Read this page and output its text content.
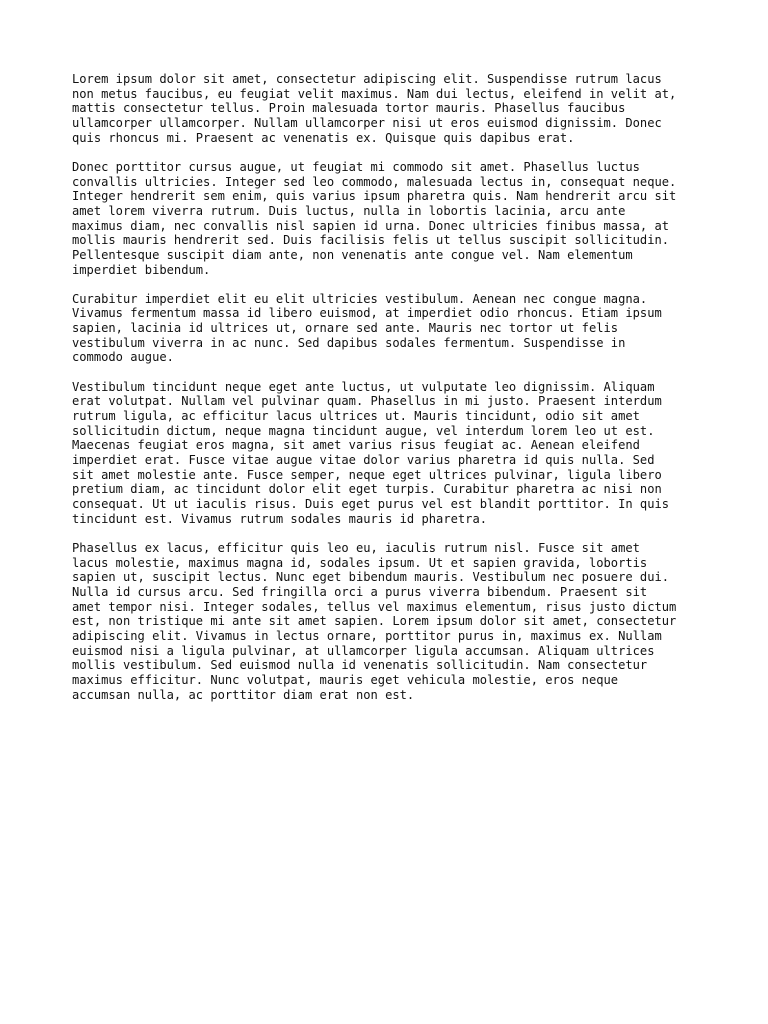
Lorem ipsum dolor sit amet, consectetur adipiscing elit. Suspendisse rutrum lacus
non metus faucibus, eu feugiat velit maximus. Nam dui lectus, eleifend in velit at,
mattis consectetur tellus. Proin malesuada tortor mauris. Phasellus faucibus
ullamcorper ullamcorper. Nullam ullamcorper nisi ut eros euismod dignissim. Donec
quis rhoncus mi. Praesent ac venenatis ex. Quisque quis dapibus erat.

Donec porttitor cursus augue, ut feugiat mi commodo sit amet. Phasellus luctus
convallis ultricies. Integer sed leo commodo, malesuada lectus in, consequat neque.
Integer hendrerit sem enim, quis varius ipsum pharetra quis. Nam hendrerit arcu sit
amet lorem viverra rutrum. Duis luctus, nulla in lobortis lacinia, arcu ante
maximus diam, nec convallis nisl sapien id urna. Donec ultricies finibus massa, at
mollis mauris hendrerit sed. Duis facilisis felis ut tellus suscipit sollicitudin.
Pellentesque suscipit diam ante, non venenatis ante congue vel. Nam elementum
imperdiet bibendum.

Curabitur imperdiet elit eu elit ultricies vestibulum. Aenean nec congue magna.
Vivamus fermentum massa id libero euismod, at imperdiet odio rhoncus. Etiam ipsum
sapien, lacinia id ultrices ut, ornare sed ante. Mauris nec tortor ut felis
vestibulum viverra in ac nunc. Sed dapibus sodales fermentum. Suspendisse in
commodo augue.

Vestibulum tincidunt neque eget ante luctus, ut vulputate leo dignissim. Aliquam
erat volutpat. Nullam vel pulvinar quam. Phasellus in mi justo. Praesent interdum
rutrum ligula, ac efficitur lacus ultrices ut. Mauris tincidunt, odio sit amet
sollicitudin dictum, neque magna tincidunt augue, vel interdum lorem leo ut est.
Maecenas feugiat eros magna, sit amet varius risus feugiat ac. Aenean eleifend
imperdiet erat. Fusce vitae augue vitae dolor varius pharetra id quis nulla. Sed
sit amet molestie ante. Fusce semper, neque eget ultrices pulvinar, ligula libero
pretium diam, ac tincidunt dolor elit eget turpis. Curabitur pharetra ac nisi non
consequat. Ut ut iaculis risus. Duis eget purus vel est blandit porttitor. In quis
tincidunt est. Vivamus rutrum sodales mauris id pharetra.

Phasellus ex lacus, efficitur quis leo eu, iaculis rutrum nisl. Fusce sit amet
lacus molestie, maximus magna id, sodales ipsum. Ut et sapien gravida, lobortis
sapien ut, suscipit lectus. Nunc eget bibendum mauris. Vestibulum nec posuere dui.
Nulla id cursus arcu. Sed fringilla orci a purus viverra bibendum. Praesent sit
amet tempor nisi. Integer sodales, tellus vel maximus elementum, risus justo dictum
est, non tristique mi ante sit amet sapien. Lorem ipsum dolor sit amet, consectetur
adipiscing elit. Vivamus in lectus ornare, porttitor purus in, maximus ex. Nullam
euismod nisi a ligula pulvinar, at ullamcorper ligula accumsan. Aliquam ultrices
mollis vestibulum. Sed euismod nulla id venenatis sollicitudin. Nam consectetur
maximus efficitur. Nunc volutpat, mauris eget vehicula molestie, eros neque
accumsan nulla, ac porttitor diam erat non est.
